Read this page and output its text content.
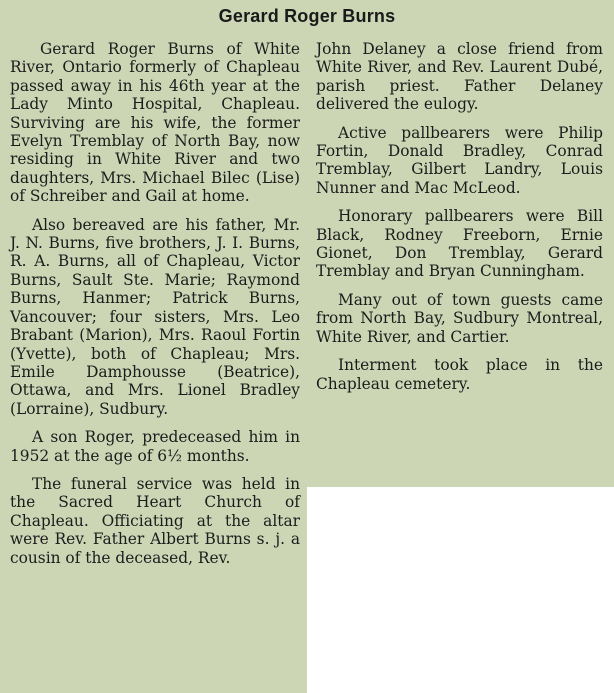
Gerard Roger Burns

Gerard Roger Burns of White River, Ontario formerly of Chapleau passed away in his 46th year at the Lady Minto Hospital, Chapleau. Surviving are his wife, the former Evelyn Tremblay of North Bay, now residing in White River and two daughters, Mrs. Michael Bilec (Lise) of Schreiber and Gail at home.

Also bereaved are his father, Mr. J. N. Burns, five brothers, J. I. Burns, R. A. Burns, all of Chapleau, Victor Burns, Sault Ste. Marie; Raymond Burns, Hanmer; Patrick Burns, Vancouver; four sisters, Mrs. Leo Brabant (Marion), Mrs. Raoul Fortin (Yvette), both of Chapleau; Mrs. Emile Damphousse (Beatrice), Ottawa, and Mrs. Lionel Bradley (Lorraine), Sudbury.

A son Roger, predeceased him in 1952 at the age of 6½ months.

The funeral service was held in the Sacred Heart Church of Chapleau. Officiating at the altar were Rev. Father Albert Burns s. j. a cousin of the deceased, Rev.

John Delaney a close friend from White River, and Rev. Laurent Dubé, parish priest. Father Delaney delivered the eulogy.

Active pallbearers were Philip Fortin, Donald Bradley, Conrad Tremblay, Gilbert Landry, Louis Nunner and Mac McLeod.

Honorary pallbearers were Bill Black, Rodney Freeborn, Ernie Gionet, Don Tremblay, Gerard Tremblay and Bryan Cunningham.

Many out of town guests came from North Bay, Sudbury Montreal, White River, and Cartier.

Interment took place in the Chapleau cemetery.
